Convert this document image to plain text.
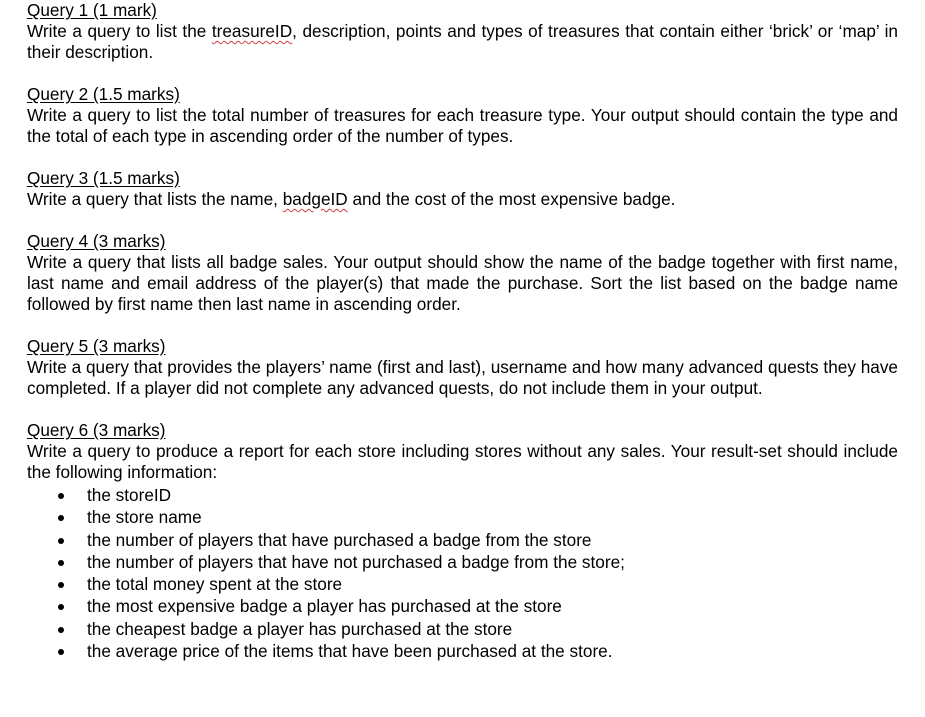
Query 1 (1 mark)
Write a query to list the treasureID, description, points and types of treasures that contain either ‘brick’ or ‘map’ in their description.
Query 2 (1.5 marks)
Write a query to list the total number of treasures for each treasure type. Your output should contain the type and the total of each type in ascending order of the number of types.
Query 3 (1.5 marks)
Write a query that lists the name, badgeID and the cost of the most expensive badge.
Query 4 (3 marks)
Write a query that lists all badge sales. Your output should show the name of the badge together with first name, last name and email address of the player(s) that made the purchase. Sort the list based on the badge name followed by first name then last name in ascending order.
Query 5 (3 marks)
Write a query that provides the players’ name (first and last), username and how many advanced quests they have completed. If a player did not complete any advanced quests, do not include them in your output.
Query 6 (3 marks)
Write a query to produce a report for each store including stores without any sales. Your result-set should include the following information:
the storeID
the store name
the number of players that have purchased a badge from the store
the number of players that have not purchased a badge from the store;
the total money spent at the store
the most expensive badge a player has purchased at the store
the cheapest badge a player has purchased at the store
the average price of the items that have been purchased at the store.
